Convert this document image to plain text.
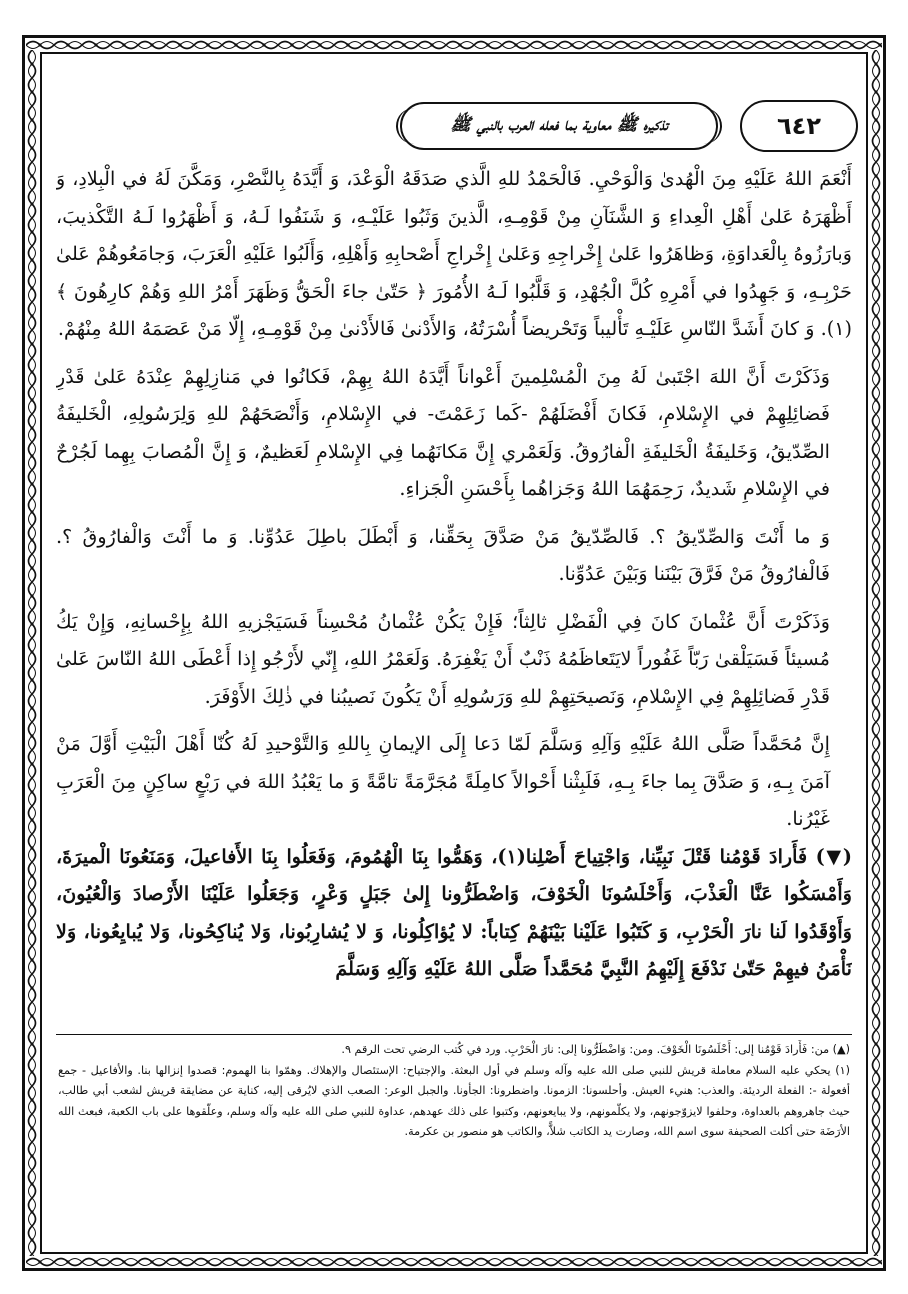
٦٤٢
تذكيره ﷺ معاوية بما فعله العرب بالنبي ﷺ

أَنْعَمَ اللهُ عَلَيْهِ مِنَ الْهُدىٰ وَالْوَحْيِ. فَالْحَمْدُ للهِ الَّذي صَدَقَهُ الْوَعْدَ، وَ أَيَّدَهُ بِالنَّصْرِ، وَمَكَّنَ لَهُ في الْبِلادِ، وَ أَظْهَرَهُ عَلىٰ أَهْلِ الْعِداءِ وَ الشَّنَآنِ مِنْ قَوْمِـهِ، الَّذينَ وَثَبُوا عَلَيْـهِ، وَ شَنَفُوا لَـهُ، وَ أَظْهَرُوا لَـهُ التَّكْذيبَ، وَبارَزُوهُ بِالْعَداوَةِ، وَظاهَرُوا عَلىٰ إِخْراجِهِ وَعَلىٰ إِخْراجِ أَصْحابِهِ وَأَهْلِهِ، وَأَلَبُوا عَلَيْهِ الْعَرَبَ، وَجامَعُوهُمْ عَلىٰ حَرْبِـهِ، وَ جَهِدُوا في أَمْرِهِ كُلَّ الْجُهْدِ، وَ قَلَّبُوا لَـهُ الأُمُورَ ﴿ حَتّىٰ جاءَ الْحَقُّ وَظَهَرَ أَمْرُ اللهِ وَهُمْ كارِهُونَ ﴾(١). وَ كانَ أَشَدَّ النّاسِ عَلَيْـهِ تَأْليباً وَتَحْريضاً أُسْرَتُهُ، وَالأَدْنىٰ فَالأَدْنىٰ مِنْ قَوْمِـهِ، إِلّا مَنْ عَصَمَهُ اللهُ مِنْهُمْ.

وَذَكَرْتَ أَنَّ اللهَ اجْتَبىٰ لَهُ مِنَ الْمُسْلِمينَ أَعْواناً أَيَّدَهُ اللهُ بِهِمْ، فَكانُوا في مَنازِلِهِمْ عِنْدَهُ عَلىٰ قَدْرِ فَضائِلِهِمْ في الإِسْلامِ، فَكانَ أَفْضَلَهُمْ -كَما زَعَمْتَ- في الإِسْلامِ، وَأَنْصَحَهُمْ للهِ وَلِرَسُولِهِ، الْخَليفَةُ الصِّدّيقُ، وَخَليفَةُ الْخَليفَةِ الْفارُوقُ. وَلَعَمْري إِنَّ مَكانَهُما فِي الإِسْلامِ لَعَظيمٌ، وَ إِنَّ الْمُصابَ بِهِما لَجُرْحٌ في الإِسْلامِ شَديدٌ، رَحِمَهُمَا اللهُ وَجَزاهُما بِأَحْسَنِ الْجَزاءِ.

وَ ما أَنْتَ وَالصِّدّيقُ ؟. فَالصِّدّيقُ مَنْ صَدَّقَ بِحَقِّنا، وَ أَبْطَلَ باطِلَ عَدُوِّنا. وَ ما أَنْتَ وَالْفارُوقُ ؟. فَالْفارُوقُ مَنْ فَرَّقَ بَيْنَنا وَبَيْنَ عَدُوِّنا.

وَذَكَرْتَ أَنَّ عُثْمانَ كانَ فِي الْفَضْلِ ثالِثاً؛ فَإِنْ يَكُنْ عُثْمانُ مُحْسِناً فَسَيَجْزيهِ اللهُ بِإِحْسانِهِ، وَإِنْ يَكُ مُسيئاً فَسَيَلْقىٰ رَبّاً غَفُوراً لايَتَعاظَمُهُ ذَنْبٌ أَنْ يَغْفِرَهُ. وَلَعَمْرُ اللهِ، إِنّي لأَرْجُو إِذا أَعْطَى اللهُ النّاسَ عَلىٰ قَدْرِ فَضائِلِهِمْ فِي الإِسْلامِ، وَنَصيحَتِهِمْ للهِ وَرَسُولِهِ أَنْ يَكُونَ نَصيبُنا في ذٰلِكَ الأَوْفَرَ.

إِنَّ مُحَمَّداً صَلَّى اللهُ عَلَيْهِ وَآلِهِ وَسَلَّمَ لَمّا دَعا إِلَى الإيمانِ بِاللهِ وَالتَّوْحيدِ لَهُ كُنّا أَهْلَ الْبَيْتِ أَوَّلَ مَنْ آمَنَ بِـهِ، وَ صَدَّقَ بِما جاءَ بِـهِ، فَلَبِثْنا أَحْوالاً كامِلَةً مُجَرَّمَةً تامَّةً وَ ما يَعْبُدُ اللهَ في رَبْعٍ ساكِنٍ مِنَ الْعَرَبِ غَيْرُنا.

(▼) فَأَرادَ قَوْمُنا قَتْلَ نَبِيِّنا، وَاجْتِياحَ أَصْلِنا(١)، وَهَمُّوا بِنَا الْهُمُومَ، وَفَعَلُوا بِنَا الأَفاعيلَ، وَمَنَعُونَا الْميرَةَ، وَأَمْسَكُوا عَنَّا الْعَذْبَ، وَأَحْلَسُونَا الْخَوْفَ، وَاضْطَرُّونا إِلىٰ جَبَلٍ وَعْرٍ، وَجَعَلُوا عَلَيْنَا الأَرْصادَ وَالْعُيُونَ، وَأَوْقَدُوا لَنا نارَ الْحَرْبِ، وَ كَتَبُوا عَلَيْنا بَيْنَهُمْ كِتاباً: لا يُؤاكِلُونا، وَ لا يُشارِبُونا، وَلا يُناكِحُونا، وَلا يُبايِعُونا، وَلا نَأْمَنُ فيهِمْ حَتّىٰ نَدْفَعَ إِلَيْهِمُ النَّبِيَّ مُحَمَّداً صَلَّى اللهُ عَلَيْهِ وَآلِهِ وَسَلَّمَ

(▲) من: فَأَرادَ قَوْمُنا إلى: أَحْلَسُونَا الْخَوْفَ. ومن: وَاضْطَرُّونا إلى: نارَ الْحَرْبِ. ورد في كُتب الرضي تحت الرقم ٩.

(١) يحكي عليه السلام معاملة قريش للنبي صلى الله عليه وآله وسلم في أول البعثة. والإجتياح: الإستئصال والإهلاك. وهمّوا بنا الهموم: قصدوا إنزالها بنا. والأفاعيل - جمع أفعولة -: الفعلة الرديئة. والعذب: هنيء العيش. وأحلسونا: الزمونا. واضطرونا: الجأونا. والجبل الوعر: الصعب الذي لايُرقى إليه، كناية عن مضايقة قريش لشعب أبي طالب، حيث جاهروهم بالعداوة، وحلفوا لايزوّجونهم، ولا يكلّمونهم، ولا يبايعونهم، وكتبوا على ذلك عهدهم، عداوة للنبي صلى الله عليه وآله وسلم، وعلّقوها على باب الكعبة، فبعث الله الأرَضَة حتى أكلت الصحيفة سوى اسم الله، وصارت يد الكاتب شلاًّ، والكاتب هو منصور بن عكرمة.
